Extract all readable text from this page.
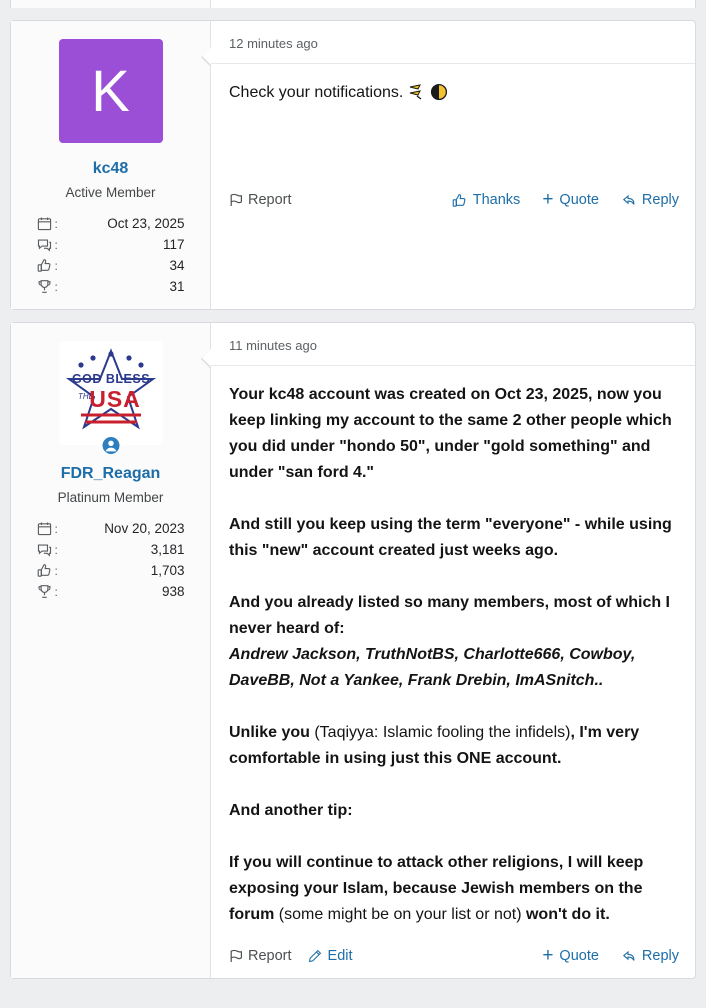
K
kc48
Active Member
:	Oct 23, 2025
:	117
:	34
:	31
12 minutes ago

Check your notifications.

Report	Thanks + Quote	Reply
GOD BLESS
THE
USA
FDR_Reagan
Platinum Member
:	Nov 20, 2023
:	3,181
:	1,703
:	938
11 minutes ago

Your kc48 account was created on Oct 23, 2025, now you keep linking my account to the same 2 other people which you did under "hondo 50", under "gold something" and under "san ford 4."

And still you keep using the term "everyone" - while using this "new" account created just weeks ago.

And you already listed so many members, most of which I never heard of:
Andrew Jackson, TruthNotBS, Charlotte666, Cowboy, DaveBB, Not a Yankee, Frank Drebin, ImASnitch..

Unlike you (Taqiyya: Islamic fooling the infidels), I'm very comfortable in using just this ONE account.

And another tip:

If you will continue to attack other religions, I will keep exposing your Islam, because Jewish members on the forum (some might be on your list or not) won't do it.

Report Edit	+ Quote	Reply
